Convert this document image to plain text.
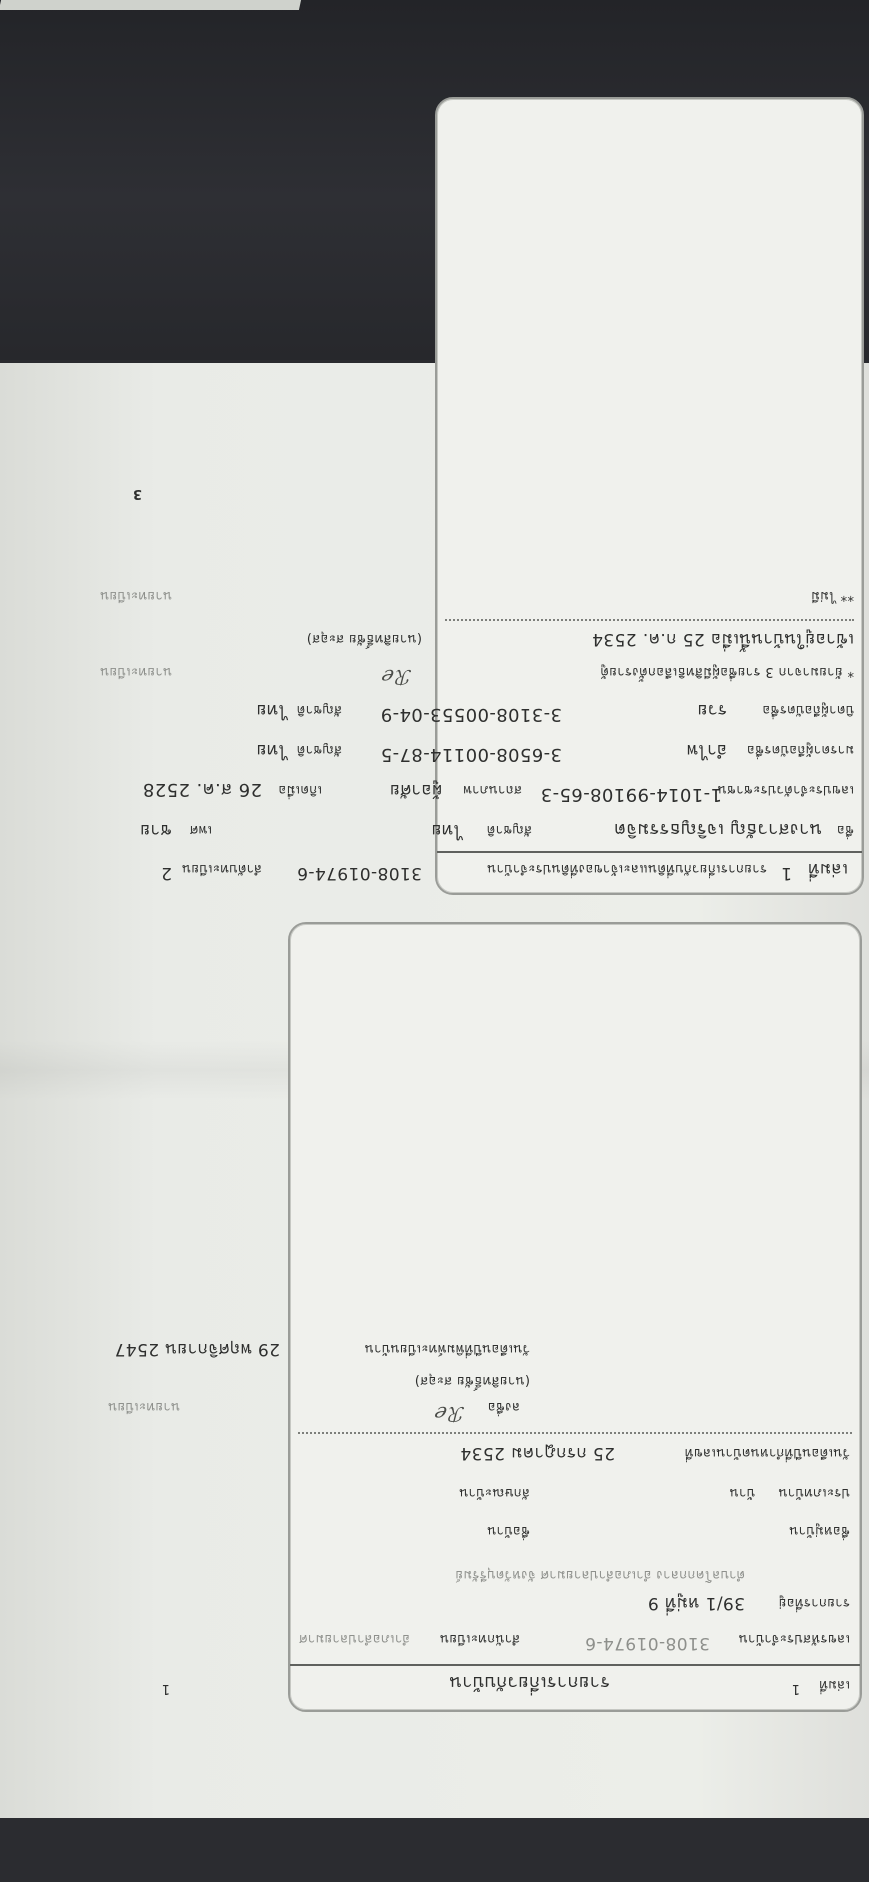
เล่มที่
1
รายการเกี่ยวกับที่ดินและเจ้าของที่ดินประจำบ้าน
3108-01974-6
ลำดับทะเบียน
2
ชื่อ
นางสาวธัญ เจริญธรรมจิต
สัญชาติ
ไทย
เพศ
ชาย
เลขประจำตัวประชาชน
1-1014-99108-65-3
สถานภาพ
ผู้อาศัย
เกิดเมื่อ
26 ส.ค. 2528
มารดาผู้ถือบัตรชื่อ
อำไพ
3-6508-00114-87-5
สัญชาติ
ไทย
บิดาผู้ถือบัตรชื่อ
รวย
3-3108-00553-04-9
สัญชาติ
ไทย
* ย้ายมาจาก 3 รายชื่อผู้มีสิทธิเลือกตั้งรายตู้
นายทะเบียน	ℛℯ
เข้าอยู่ในบ้านนี้เมื่อ 25 ก.ค. 2534
(นายสิทธิ์ชัย สะอุส)
** ไม่มี
นายทะเบียน
3
เล่มที่
1
รายการเกี่ยวกับบ้าน
1
เลขรหัสประจำบ้าน
3108-01974-6
สำนักทะเบียน
อำเภอลำปลายมาศ
รายการที่อยู่
39/1 หมู่ที่ 9
ตำบลโคกกลาง อำเภอลำปลายมาศ จังหวัดบุรีรัมย์
ชื่อหมู่บ้าน
ชื่อบ้าน
ประเภทบ้าน
บ้าน
ลักษณะบ้าน
วันเดือนปีที่กำหนดบ้านเลขที่
25 กรกฎาคม 2534
ลงชื่อ
ℛℯ
นายทะเบียน
(นายสิทธิ์ชัย สะอุส)
วันเดือนปีที่พิมพ์ทะเบียนบ้าน
29 พฤศจิกายน 2547
